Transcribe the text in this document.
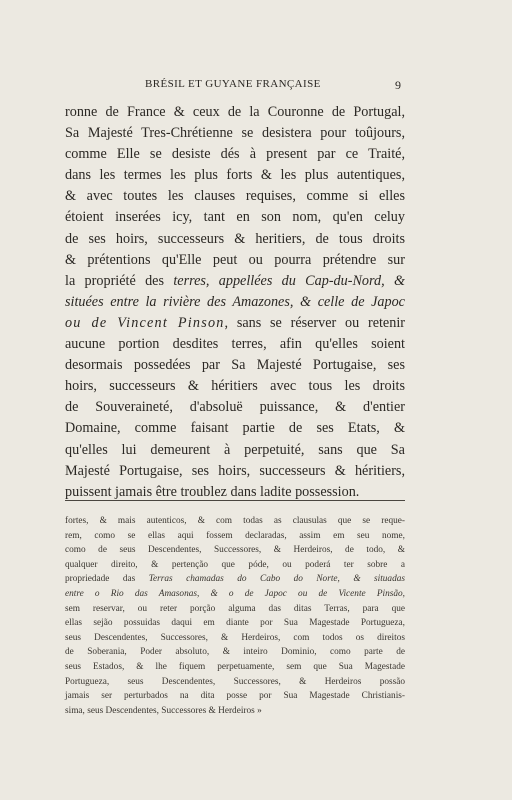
BRÉSIL ET GUYANE FRANÇAISE	9
ronne de France & ceux de la Couronne de Portugal,
Sa Majesté Tres-Chrétienne se desistera pour toûjours,
comme Elle se desiste dés à present par ce Traité,
dans les termes les plus forts & les plus autentiques,
& avec toutes les clauses requises, comme si elles
étoient inserées icy, tant en son nom, qu'en celuy
de ses hoirs, successeurs & heritiers, de tous droits
& prétentions qu'Elle peut ou pourra prétendre sur
la propriété des terres, appellées du Cap-du-Nord, &
situées entre la rivière des Amazones, & celle de Japoc
ou de Vincent Pinson, sans se réserver ou retenir
aucune portion desdites terres, afin qu'elles soient
desormais possedées par Sa Majesté Portugaise, ses
hoirs, successeurs & héritiers avec tous les droits
de Souveraineté, d'absoluë puissance, & d'entier
Domaine, comme faisant partie de ses Etats, &
qu'elles lui demeurent à perpetuité, sans que Sa
Majesté Portugaise, ses hoirs, successeurs & héritiers,
puissent jamais être troublez dans ladite possession.
fortes, & mais autenticos, & com todas as clausulas que se reque-
rem, como se ellas aqui fossem declaradas, assim em seu nome,
como de seus Descendentes, Successores, & Herdeiros, de todo, &
qualquer direito, & pertenção que póde, ou poderá ter sobre a
propriedade das Terras chamadas do Cabo do Norte, & situadas
entre o Rio das Amasonas, & o de Japoc ou de Vicente Pinsão,
sem reservar, ou reter porção alguma das ditas Terras, para que
ellas sejão possuidas daqui em diante por Sua Magestade Portugueza,
seus Descendentes, Successores, & Herdeiros, com todos os direitos
de Soberania, Poder absoluto, & inteiro Dominio, como parte de
seus Estados, & lhe fiquem perpetuamente, sem que Sua Magestade
Portugueza, seus Descendentes, Successores, & Herdeiros possão
jamais ser perturbados na dita posse por Sua Magestade Christianis-
sima, seus Descendentes, Successores & Herdeiros »
